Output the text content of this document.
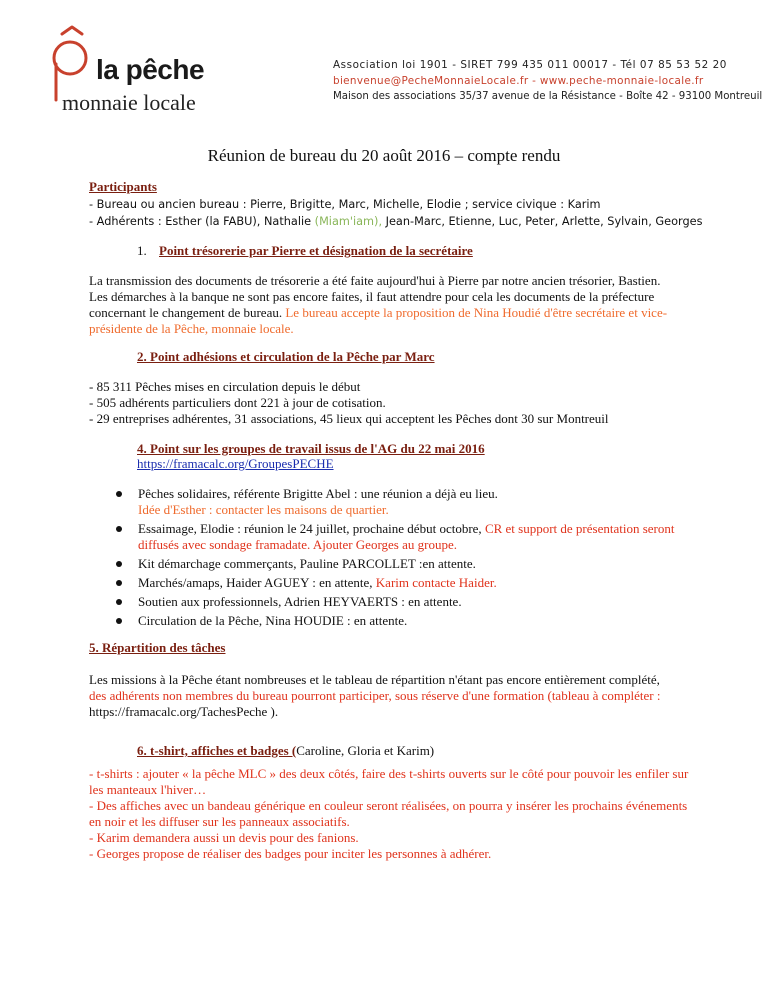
la pêche
monnaie locale
Association loi 1901 - SIRET 799 435 011 00017 - Tél 07 85 53 52 20
bienvenue@PecheMonnaieLocale.fr - www.peche-monnaie-locale.fr
Maison des associations 35/37 avenue de la Résistance - Boîte 42 - 93100 Montreuil
Réunion de bureau du 20 août 2016 – compte rendu
Participants
- Bureau ou ancien bureau : Pierre, Brigitte, Marc, Michelle, Elodie ; service civique : Karim
- Adhérents : Esther (la FABU), Nathalie (Miam'iam), Jean-Marc, Etienne, Luc, Peter, Arlette, Sylvain, Georges
1. Point trésorerie par Pierre et désignation de la secrétaire
La transmission des documents de trésorerie a été faite aujourd'hui à Pierre par notre ancien trésorier, Bastien. Les démarches à la banque ne sont pas encore faites, il faut attendre pour cela les documents de la préfecture concernant le changement de bureau. Le bureau accepte la proposition de Nina Houdié d'être secrétaire et vice-présidente de la Pêche, monnaie locale.
2. Point adhésions et circulation de la Pêche par Marc
- 85 311 Pêches mises en circulation depuis le début
- 505 adhérents particuliers dont 221 à jour de cotisation.
- 29 entreprises adhérentes, 31 associations, 45 lieux qui acceptent les Pêches dont 30 sur Montreuil
4. Point sur les groupes de travail issus de l'AG du 22 mai 2016
https://framacalc.org/GroupesPECHE
Pêches solidaires, référente Brigitte Abel : une réunion a déjà eu lieu.
Idée d'Esther : contacter les maisons de quartier.
Essaimage, Elodie : réunion le 24 juillet, prochaine début octobre, CR et support de présentation seront diffusés avec sondage framadate. Ajouter Georges au groupe.
Kit démarchage commerçants, Pauline PARCOLLET :en attente.
Marchés/amaps, Haider AGUEY : en attente, Karim contacte Haider.
Soutien aux professionnels, Adrien HEYVAERTS : en attente.
Circulation de la Pêche, Nina HOUDIE : en attente.
5. Répartition des tâches
Les missions à la Pêche étant nombreuses et le tableau de répartition n'étant pas encore entièrement complété, des adhérents non membres du bureau pourront participer, sous réserve d'une formation (tableau à compléter : https://framacalc.org/TachesPeche ).
6. t-shirt, affiches et badges (Caroline, Gloria et Karim)
- t-shirts : ajouter « la pêche MLC » des deux côtés, faire des t-shirts ouverts sur le côté pour pouvoir les enfiler sur les manteaux l'hiver…
- Des affiches avec un bandeau générique en couleur seront réalisées, on pourra y insérer les prochains événements en noir et les diffuser sur les panneaux associatifs.
- Karim demandera aussi un devis pour des fanions.
- Georges propose de réaliser des badges pour inciter les personnes à adhérer.
